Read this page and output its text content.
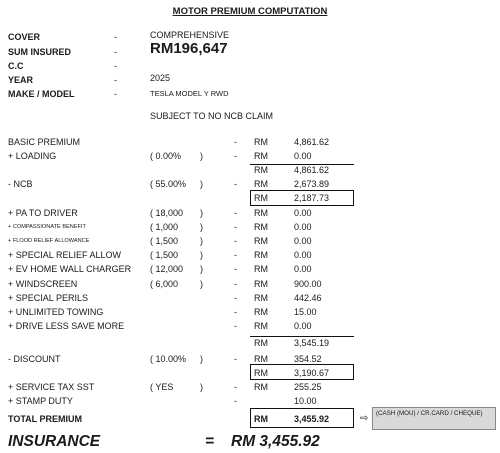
MOTOR PREMIUM COMPUTATION
COVER	-	COMPREHENSIVE
SUM INSURED	- RM196,647
C.C	-
YEAR	-	2025
MAKE / MODEL	-	TESLA MODEL Y RWD
SUBJECT TO NO NCB CLAIM
BASIC PREMIUM	- RM	4,861.62
+ LOADING	( 0.00% )	- RM	0.00
RM	4,861.62
- NCB	( 55.00% )	- RM	2,673.89
RM	2,187.73
+ PA TO DRIVER	( 18,000 )	- RM	0.00
+ COMPASSIONATE BENEFIT	( 1,000 )	- RM	0.00
+ FLOOD RELIEF ALLOWANCE	( 1,500 )	- RM	0.00
+ SPECIAL RELIEF ALLOW	( 1,500 )	- RM	0.00
+ EV HOME WALL CHARGER ( 12,000 )	- RM	0.00
+ WINDSCREEN	( 6,000 )	- RM	900.00
+ SPECIAL PERILS	- RM	442.46
+ UNLIMITED TOWING	- RM	15.00
+ DRIVE LESS SAVE MORE	- RM	0.00
RM	3,545.19
- DISCOUNT	( 10.00% )	- RM	354.52
RM	3,190.67
+ SERVICE TAX SST	( YES	)	- RM	255.25
+ STAMP DUTY	-	10.00
TOTAL PREMIUM	RM	3,455.92	⇨	(CASH (MOU) / CR.CARD / CHEQUE)
INSURANCE	= RM 3,455.92
